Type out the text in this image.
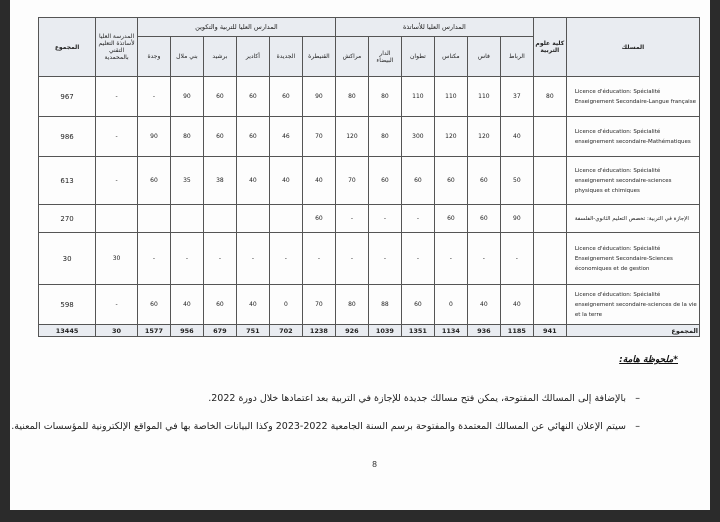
المجموع	المدرسة العليا لأساتذة التعليم التقني بالمحمدية	المدارس العليا للتربية والتكوين						المدارس العليا للأساتذة						كلية علوم التربية	المسلك
		وجدة	بني ملال	برشيد	أكادير	الجديدة	القنيطرة	مراكش	الدار البيضاء	تطوان	مكناس	فاس	الرباط		
967	-	-	90	60	60	60	90	80	80	110	110	110	37	80	Licence d'éducation: Spécialité Enseignement Secondaire-Langue française
986	-	90	80	60	60	46	70	120	80	300	120	120	40		Licence d'éducation: Spécialité enseignement secondaire-Mathématiques
613	-	60	35	38	40	40	40	70	60	60	60	60	50		Licence d'éducation: Spécialité enseignement secondaire-sciences physiques et chimiques
270							60	-	-	-	60	60	90		الإجازة في التربية: تخصص التعليم الثانوي-الفلسفة
30	30	-	-	-	-	-	-	-	-	-	-	-	-		Licence d'éducation: Spécialité Enseignement Secondaire-Sciences économiques et de gestion
598	-	60	40	60	40	0	70	80	88	60	0	40	40		Licence d'éducation: Spécialité enseignement secondaire-sciences de la vie et la terre
13445	30	1577	956	679	751	702	1238	926	1039	1351	1134	936	1185	941	المجموع
*ملحوظة هامة:
– بالإضافة إلى المسالك المفتوحة، يمكن فتح مسالك جديدة للإجازة في التربية بعد اعتمادها خلال دورة 2022.
– سيتم الإعلان النهائي عن المسالك المعتمدة والمفتوحة برسم السنة الجامعية 2022-2023 وكذا البيانات الخاصة بها في المواقع الإلكترونية للمؤسسات المعنية.
8
